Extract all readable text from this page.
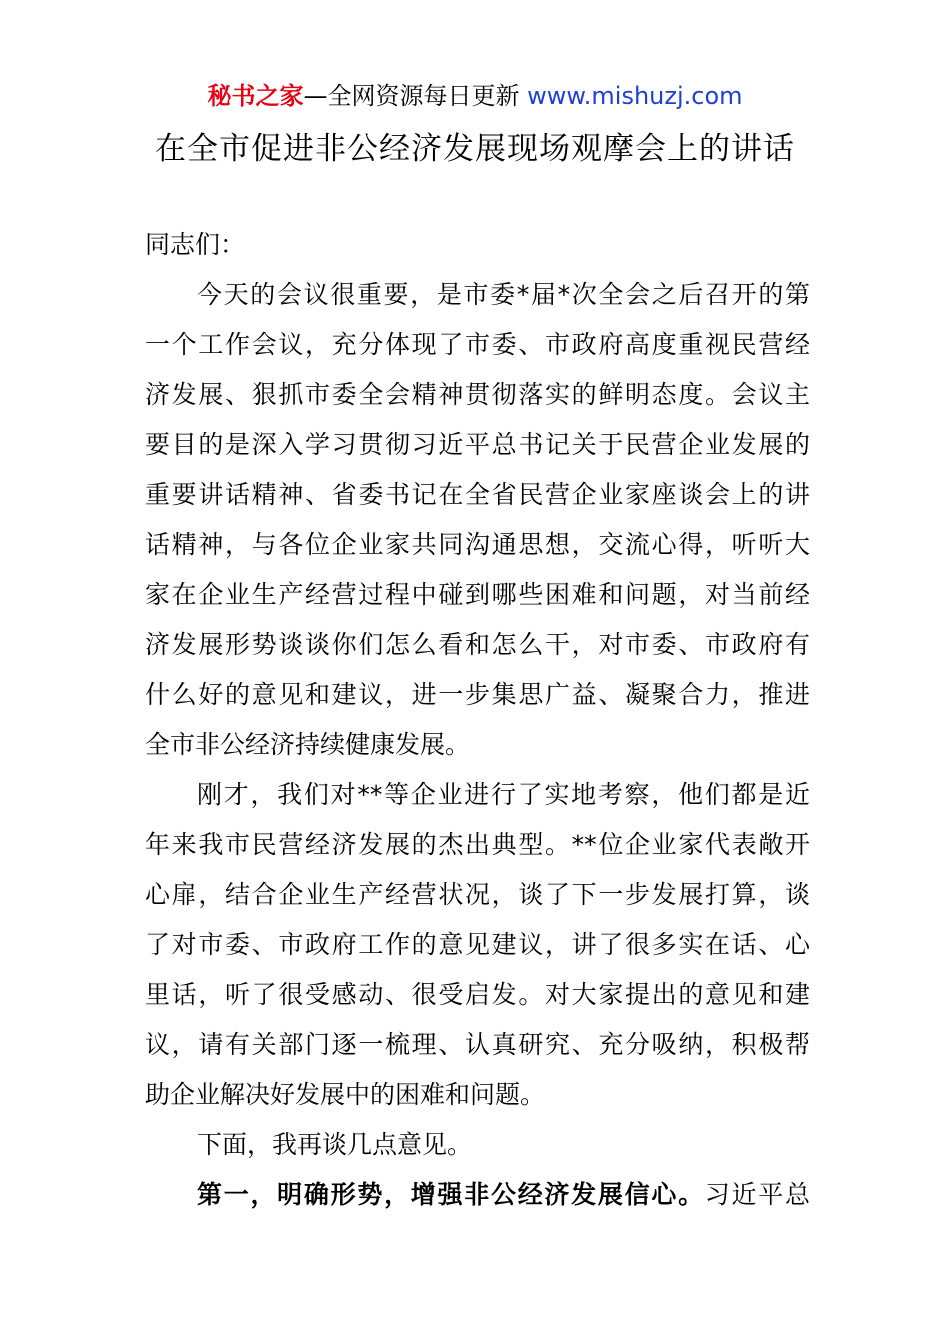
秘书之家—全网资源每日更新 www.mishuzj.com
在全市促进非公经济发展现场观摩会上的讲话
同志们：
今天的会议很重要，是市委*届*次全会之后召开的第
一个工作会议，充分体现了市委、市政府高度重视民营经
济发展、狠抓市委全会精神贯彻落实的鲜明态度。会议主
要目的是深入学习贯彻习近平总书记关于民营企业发展的
重要讲话精神、省委书记在全省民营企业家座谈会上的讲
话精神，与各位企业家共同沟通思想，交流心得，听听大
家在企业生产经营过程中碰到哪些困难和问题，对当前经
济发展形势谈谈你们怎么看和怎么干，对市委、市政府有
什么好的意见和建议，进一步集思广益、凝聚合力，推进
全市非公经济持续健康发展。
刚才，我们对**等企业进行了实地考察，他们都是近
年来我市民营经济发展的杰出典型。**位企业家代表敞开
心扉，结合企业生产经营状况，谈了下一步发展打算，谈
了对市委、市政府工作的意见建议，讲了很多实在话、心
里话，听了很受感动、很受启发。对大家提出的意见和建
议，请有关部门逐一梳理、认真研究、充分吸纳，积极帮
助企业解决好发展中的困难和问题。
下面，我再谈几点意见。
第一，明确形势，增强非公经济发展信心。习近平总
